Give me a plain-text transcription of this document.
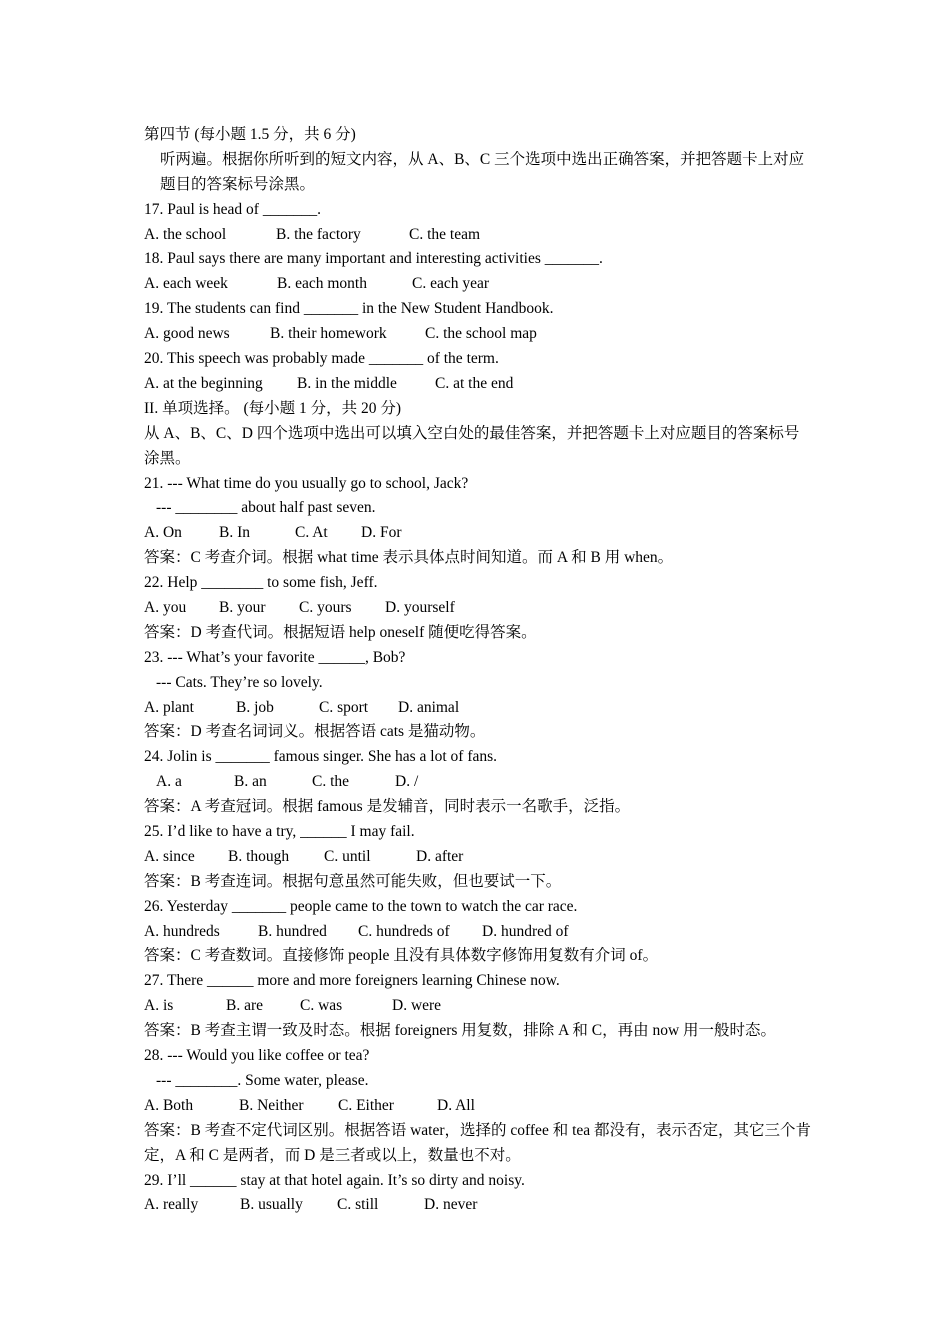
第四节 (每小题 1.5 分，共 6 分)
听两遍。根据你所听到的短文内容，从 A、B、C 三个选项中选出正确答案，并把答题卡上对应题目的答案标号涂黑。
17. Paul is head of _______.
A. the school	B. the factory	C. the team
18. Paul says there are many important and interesting activities _______.
A. each week	B. each month	C. each year
19. The students can find _______ in the New Student Handbook.
A. good news	B. their homework	C. the school map
20. This speech was probably made _______ of the term.
A. at the beginning	B. in the middle	C. at the end
II. 单项选择。 (每小题 1 分，共 20 分)
从 A、B、C、D 四个选项中选出可以填入空白处的最佳答案，并把答题卡上对应题目的答案标号涂黑。
21. --- What time do you usually go to school, Jack?
--- ________ about half past seven.
A. On	B. In	C. At	D. For
答案：C 考查介词。根据 what time 表示具体点时间知道。而 A 和 B 用 when。
22. Help ________ to some fish, Jeff.
A. you	B. your	C. yours	D. yourself
答案：D 考查代词。根据短语 help oneself 随便吃得答案。
23. --- What’s your favorite ______, Bob?
--- Cats. They’re so lovely.
A. plant	B. job	C. sport	D. animal
答案：D 考查名词词义。根据答语 cats 是猫动物。
24. Jolin is _______ famous singer. She has a lot of fans.
A. a	B. an	C. the	D. /
答案：A 考查冠词。根据 famous 是发辅音，同时表示一名歌手，泛指。
25. I’d like to have a try, ______ I may fail.
A. since	B. though	C. until	D. after
答案：B 考查连词。根据句意虽然可能失败，但也要试一下。
26. Yesterday _______ people came to the town to watch the car race.
A. hundreds	B. hundred	C. hundreds of	D. hundred of
答案：C 考查数词。直接修饰 people 且没有具体数字修饰用复数有介词 of。
27. There ______ more and more foreigners learning Chinese now.
A. is	B. are	C. was	D. were
答案：B 考查主谓一致及时态。根据 foreigners 用复数，排除 A 和 C，再由 now 用一般时态。
28. --- Would you like coffee or tea?
--- ________. Some water, please.
A. Both	B. Neither	C. Either	D. All
答案：B 考查不定代词区别。根据答语 water，选择的 coffee 和 tea 都没有，表示否定，其它三个肯定，A 和 C 是两者，而 D 是三者或以上，数量也不对。
29. I’ll ______ stay at that hotel again. It’s so dirty and noisy.
A. really	B. usually	C. still	D. never
